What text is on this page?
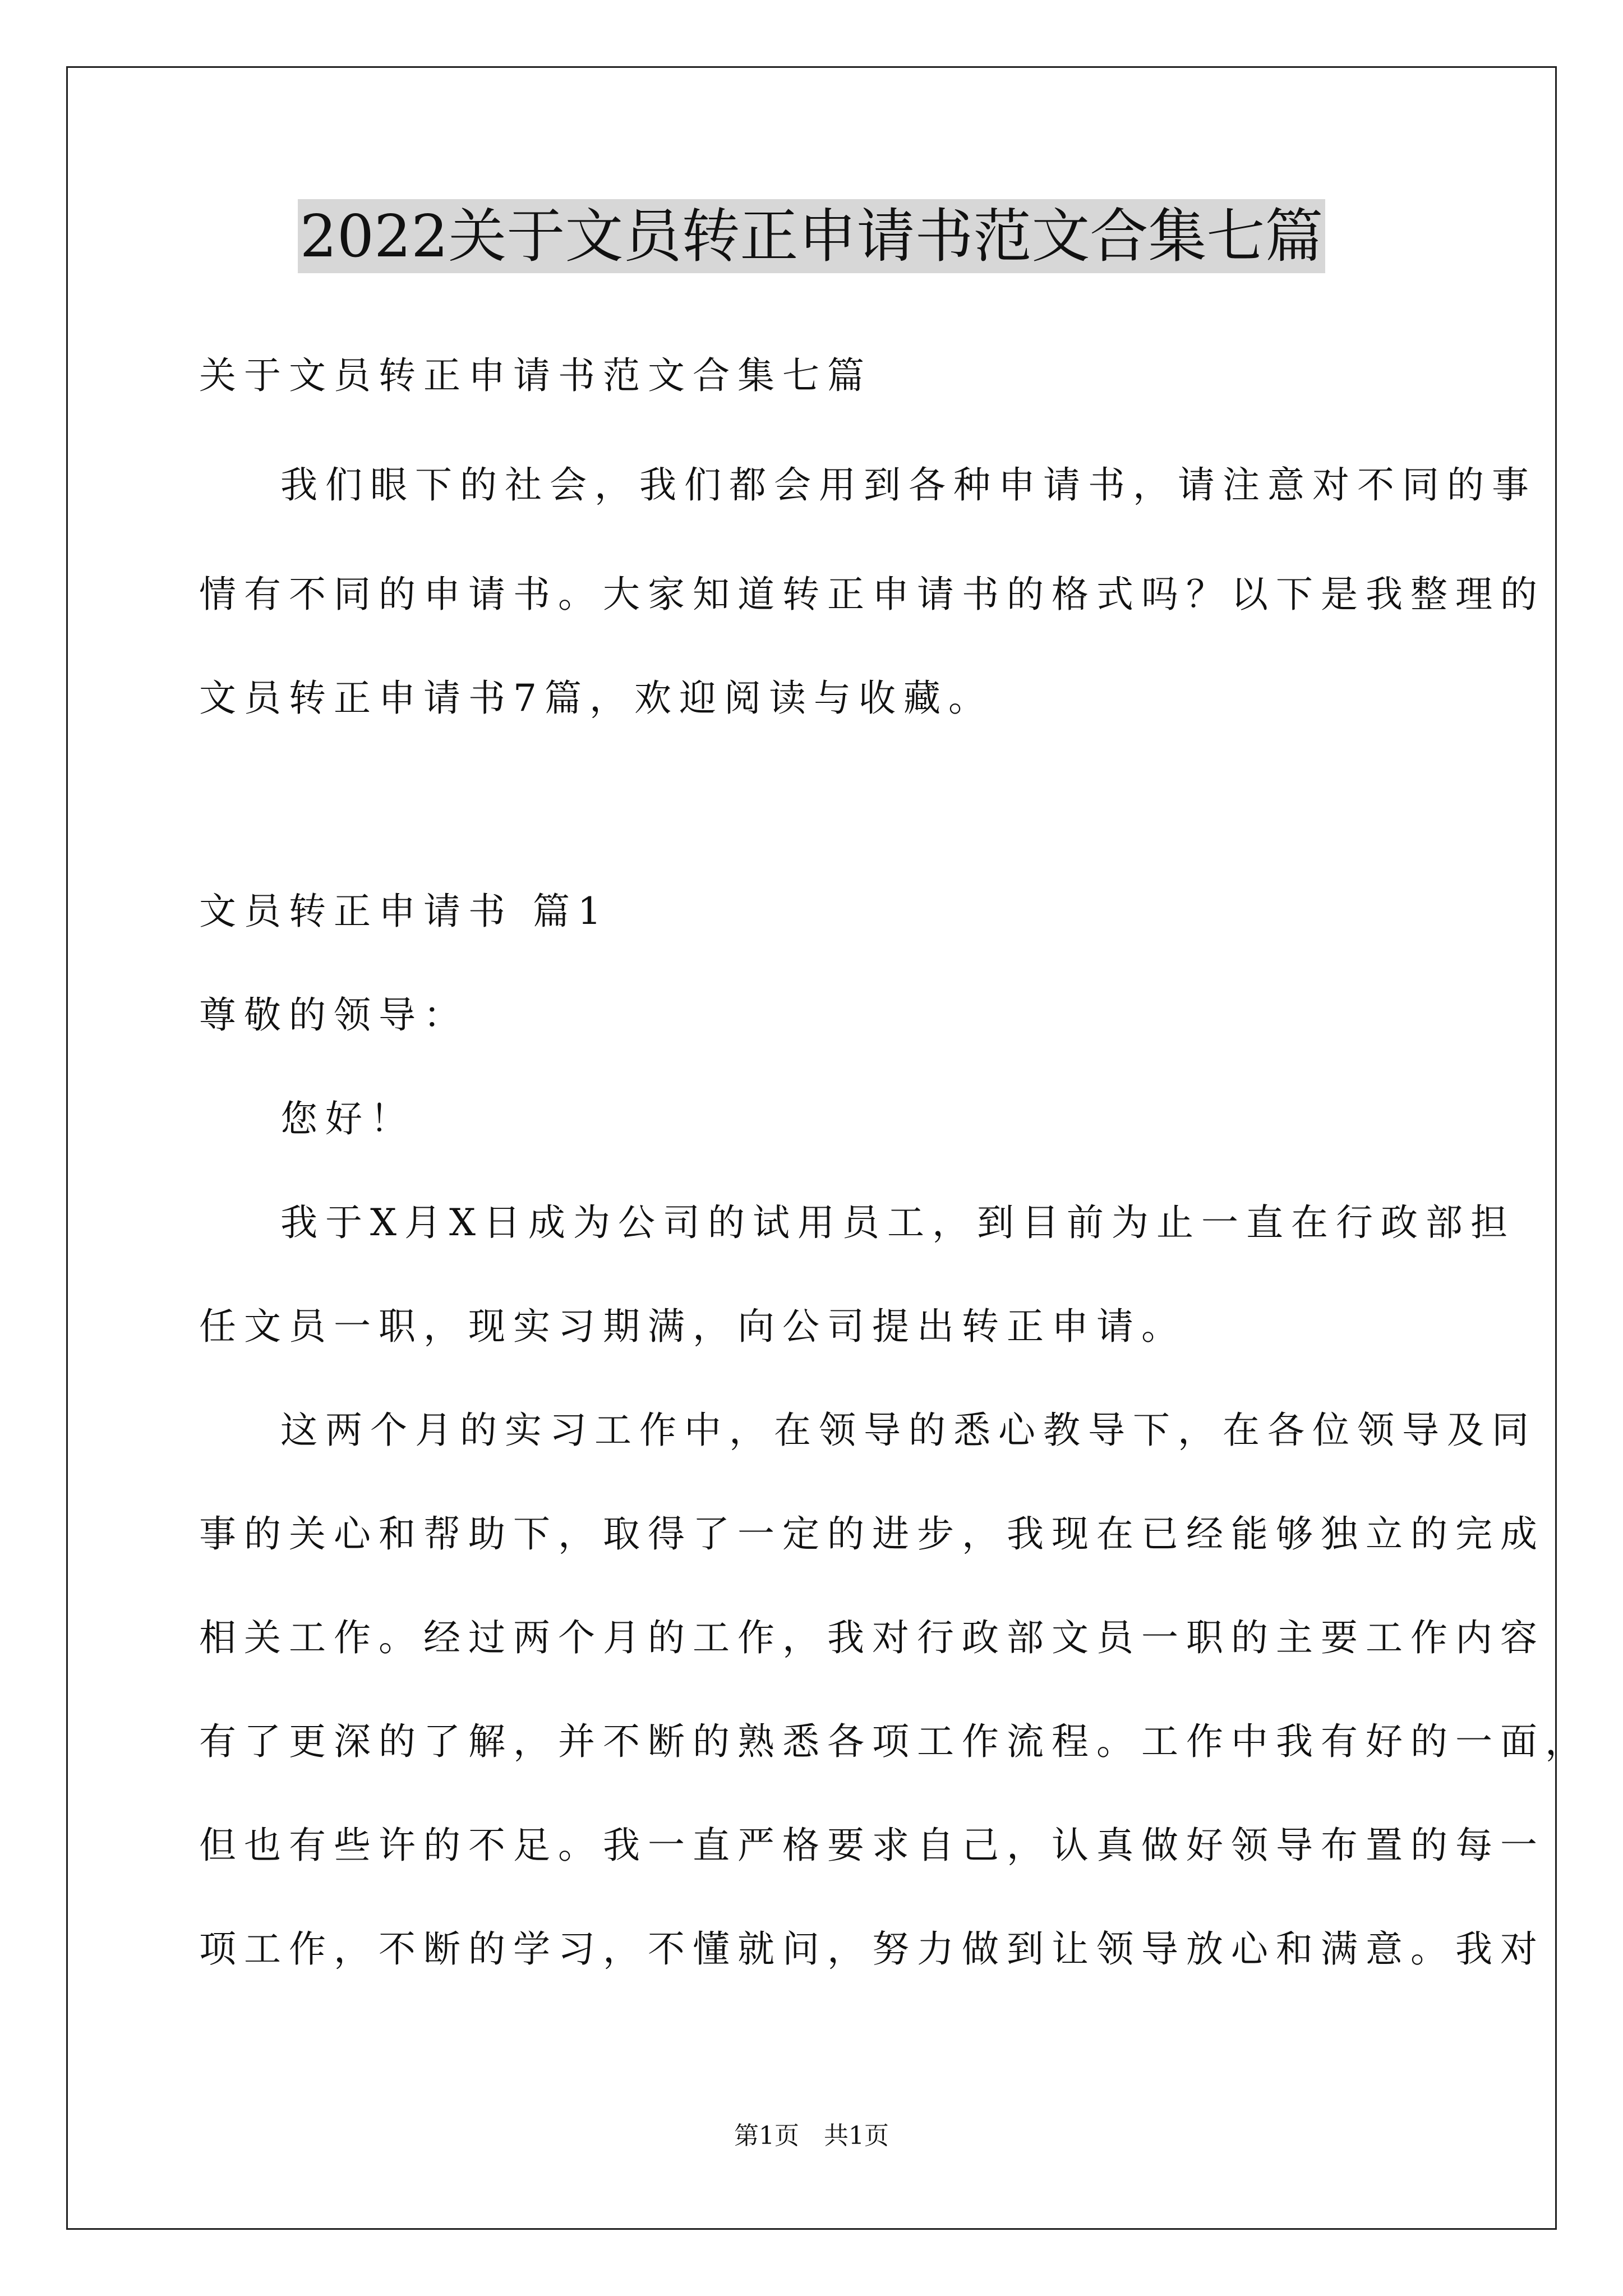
2022关于文员转正申请书范文合集七篇
关于文员转正申请书范文合集七篇
我们眼下的社会，我们都会用到各种申请书，请注意对不同的事
情有不同的申请书。大家知道转正申请书的格式吗？以下是我整理的
文员转正申请书7篇，欢迎阅读与收藏。
文员转正申请书 篇1
尊敬的领导：
您好！
我于X月X日成为公司的试用员工，到目前为止一直在行政部担
任文员一职，现实习期满，向公司提出转正申请。
这两个月的实习工作中，在领导的悉心教导下，在各位领导及同
事的关心和帮助下，取得了一定的进步，我现在已经能够独立的完成
相关工作。经过两个月的工作，我对行政部文员一职的主要工作内容
有了更深的了解，并不断的熟悉各项工作流程。工作中我有好的一面，
但也有些许的不足。我一直严格要求自己，认真做好领导布置的每一
项工作，不断的学习，不懂就问，努力做到让领导放心和满意。我对
第1页　共1页
